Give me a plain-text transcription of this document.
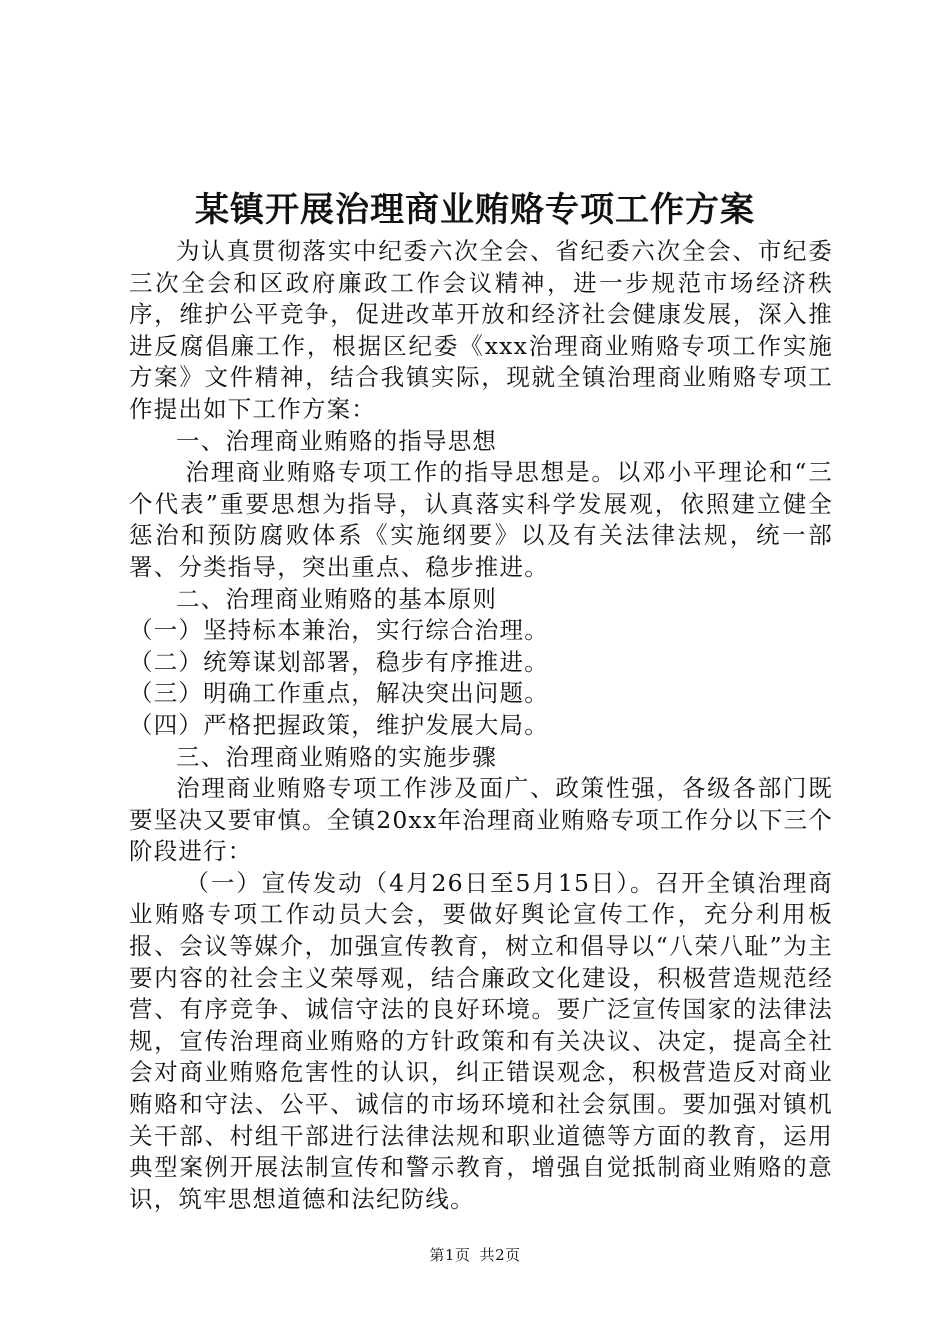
某镇开展治理商业贿赂专项工作方案

为认真贯彻落实中纪委六次全会、省纪委六次全会、市纪委三次全会和区政府廉政工作会议精神，进一步规范市场经济秩序，维护公平竞争，促进改革开放和经济社会健康发展，深入推进反腐倡廉工作，根据区纪委《xxx治理商业贿赂专项工作实施方案》文件精神，结合我镇实际，现就全镇治理商业贿赂专项工作提出如下工作方案：

一、治理商业贿赂的指导思想

治理商业贿赂专项工作的指导思想是。以邓小平理论和“三个代表”重要思想为指导，认真落实科学发展观，依照建立健全惩治和预防腐败体系《实施纲要》以及有关法律法规，统一部署、分类指导，突出重点、稳步推进。

二、治理商业贿赂的基本原则

（一）坚持标本兼治，实行综合治理。

（二）统筹谋划部署，稳步有序推进。

（三）明确工作重点，解决突出问题。

（四）严格把握政策，维护发展大局。

三、治理商业贿赂的实施步骤

治理商业贿赂专项工作涉及面广、政策性强，各级各部门既要坚决又要审慎。全镇20xx年治理商业贿赂专项工作分以下三个阶段进行：

（一）宣传发动（4月26日至5月15日）。召开全镇治理商业贿赂专项工作动员大会，要做好舆论宣传工作，充分利用板报、会议等媒介，加强宣传教育，树立和倡导以“八荣八耻”为主要内容的社会主义荣辱观，结合廉政文化建设，积极营造规范经营、有序竞争、诚信守法的良好环境。要广泛宣传国家的法律法规，宣传治理商业贿赂的方针政策和有关决议、决定，提高全社会对商业贿赂危害性的认识，纠正错误观念，积极营造反对商业贿赂和守法、公平、诚信的市场环境和社会氛围。要加强对镇机关干部、村组干部进行法律法规和职业道德等方面的教育，运用典型案例开展法制宣传和警示教育，增强自觉抵制商业贿赂的意识，筑牢思想道德和法纪防线。

第1页 共2页
